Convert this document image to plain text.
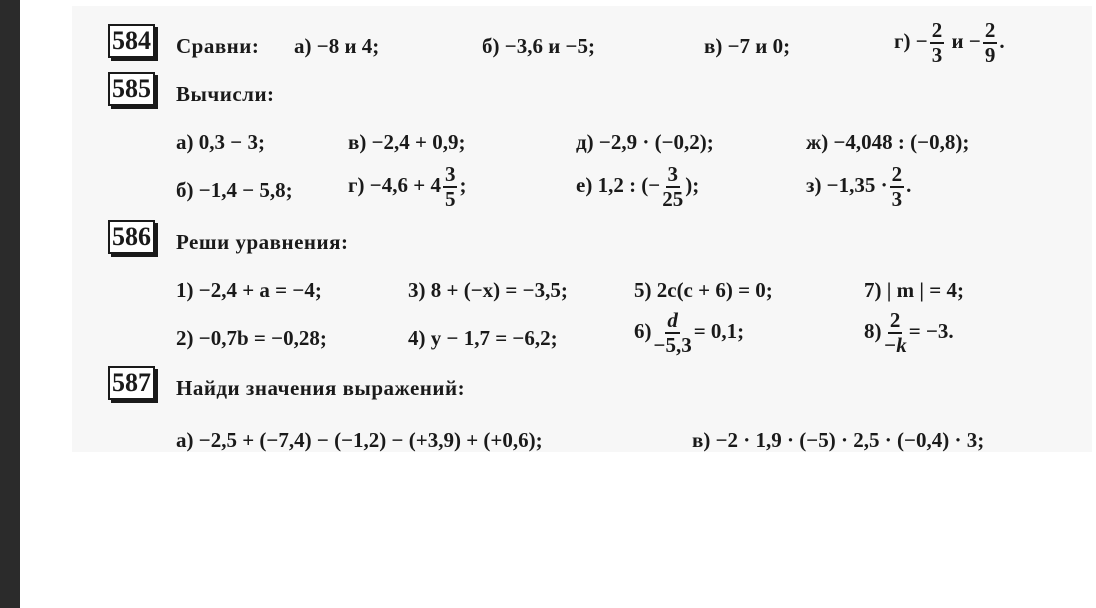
584 Сравни: а) −8 и 4;	б) −3,6 и −5;	в) −7 и 0;	$г) - \frac{2}{3}$ $и - \frac{2}{9}$ .
585 Вычисли:
а) 0,3 − 3;	в) −2,4 + 0,9;	д) −2,9 · (−0,2);	ж) −4,048 : (−0,8);
б) −1,4 − 5,8;	$г) -4,6 + 4 \frac{3}{5}$ ;	е) 1,2 : (− $\frac{3}{25}$ );	$з) -1,35 \cdot \frac{2}{3}$ .
586 Реши уравнения:
1) −2,4 + a = −4;	3) 8 + (−x) = −3,5;	5) 2c(c + 6) = 0;	7) | m | = 4;
2) −0,7b = −0,28;	4) y − 1,7 = −6,2;	$6) \frac{d}{-5,3} = 0,1$;	$8) \frac{2}{-k} = -3$.
587 Найди значения выражений:
а) −2,5 + (−7,4) − (−1,2) − (+3,9) + (+0,6);	в) −2 · 1,9 · (−5) · 2,5 · (−0,4) · 3;
